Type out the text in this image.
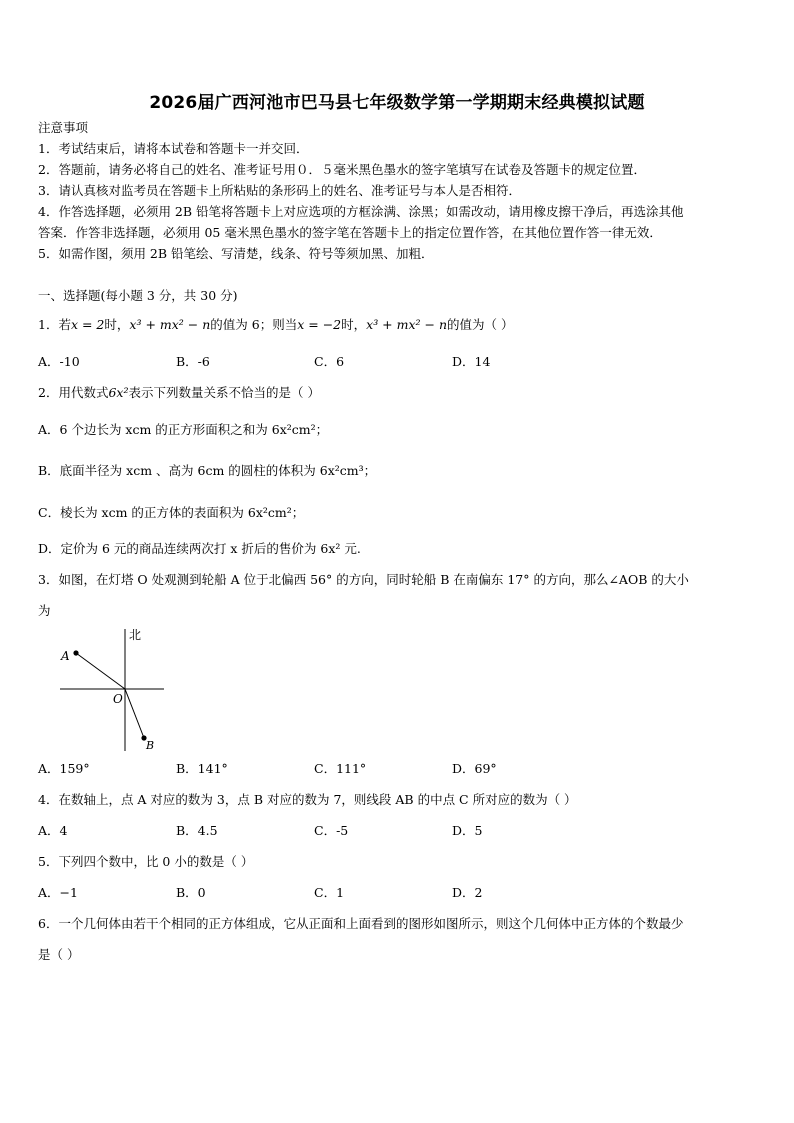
2026届广西河池市巴马县七年级数学第一学期期末经典模拟试题
注意事项
1．考试结束后，请将本试卷和答题卡一并交回．
2．答题前，请务必将自己的姓名、准考证号用０．５毫米黑色墨水的签字笔填写在试卷及答题卡的规定位置．
3．请认真核对监考员在答题卡上所粘贴的条形码上的姓名、准考证号与本人是否相符．
4．作答选择题，必须用 2B 铅笔将答题卡上对应选项的方框涂满、涂黑；如需改动，请用橡皮擦干净后，再选涂其他
答案．作答非选择题，必须用 05 毫米黑色墨水的签字笔在答题卡上的指定位置作答，在其他位置作答一律无效．
5．如需作图，须用 2B 铅笔绘、写清楚，线条、符号等须加黑、加粗．
一、选择题(每小题 3 分，共 30 分)
1．若x = 2时，x³ + mx² − n的值为 6；则当x = −2时，x³ + mx² − n的值为（ ）
A．-10	B．-6	C．6	D．14
2．用代数式6x²表示下列数量关系不恰当的是（ ）
A．6 个边长为 xcm 的正方形面积之和为 6x²cm²；
B．底面半径为 xcm 、高为 6cm 的圆柱的体积为 6x²cm³；
C．棱长为 xcm 的正方体的表面积为 6x²cm²；
D．定价为 6 元的商品连续两次打 x 折后的售价为 6x² 元.
3．如图，在灯塔 O 处观测到轮船 A 位于北偏西 56° 的方向，同时轮船 B 在南偏东 17° 的方向，那么∠AOB 的大小
为
北
A
O
B
A．159°	B．141°	C．111°	D．69°
4．在数轴上，点 A 对应的数为 3，点 B 对应的数为 7，则线段 AB 的中点 C 所对应的数为（ ）
A．4	B．4.5	C．-5	D．5
5．下列四个数中，比 0 小的数是（ ）
A．−1	B．0	C．1	D．2
6．一个几何体由若干个相同的正方体组成，它从正面和上面看到的图形如图所示，则这个几何体中正方体的个数最少
是（ ）
